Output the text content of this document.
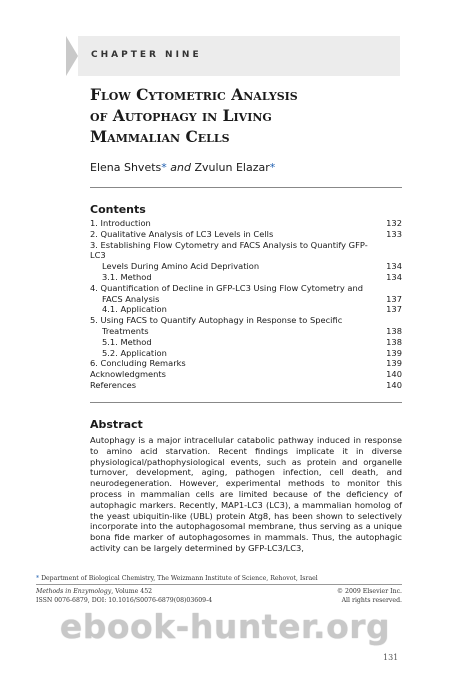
CHAPTER NINE
Flow Cytometric Analysis
of Autophagy in Living
Mammalian Cells
Elena Shvets* and Zvulun Elazar*
Contents
1. Introduction	132
2. Qualitative Analysis of LC3 Levels in Cells	133
3. Establishing Flow Cytometry and FACS Analysis to Quantify GFP-LC3
Levels During Amino Acid Deprivation	134
3.1. Method	134
4. Quantification of Decline in GFP-LC3 Using Flow Cytometry and
FACS Analysis	137
4.1. Application	137
5. Using FACS to Quantify Autophagy in Response to Specific
Treatments	138
5.1. Method	138
5.2. Application	139
6. Concluding Remarks	139
Acknowledgments	140
References	140
Abstract

Autophagy is a major intracellular catabolic pathway induced in response to amino acid starvation. Recent findings implicate it in diverse physiological/pathophysiological events, such as protein and organelle turnover, development, aging, pathogen infection, cell death, and neurodegeneration. However, experimental methods to monitor this process in mammalian cells are limited because of the deficiency of autophagic markers. Recently, MAP1-LC3 (LC3), a mammalian homolog of the yeast ubiquitin-like (UBL) protein Atg8, has been shown to selectively incorporate into the autophagosomal membrane, thus serving as a unique bona fide marker of autophagosomes in mammals. Thus, the autophagic activity can be largely determined by GFP-LC3/LC3,

* Department of Biological Chemistry, The Weizmann Institute of Science, Rehovot, Israel
Methods in Enzymology, Volume 452	© 2009 Elsevier Inc.
ISSN 0076-6879, DOI: 10.1016/S0076-6879(08)03609-4	All rights reserved.
ebook-hunter.org
131
